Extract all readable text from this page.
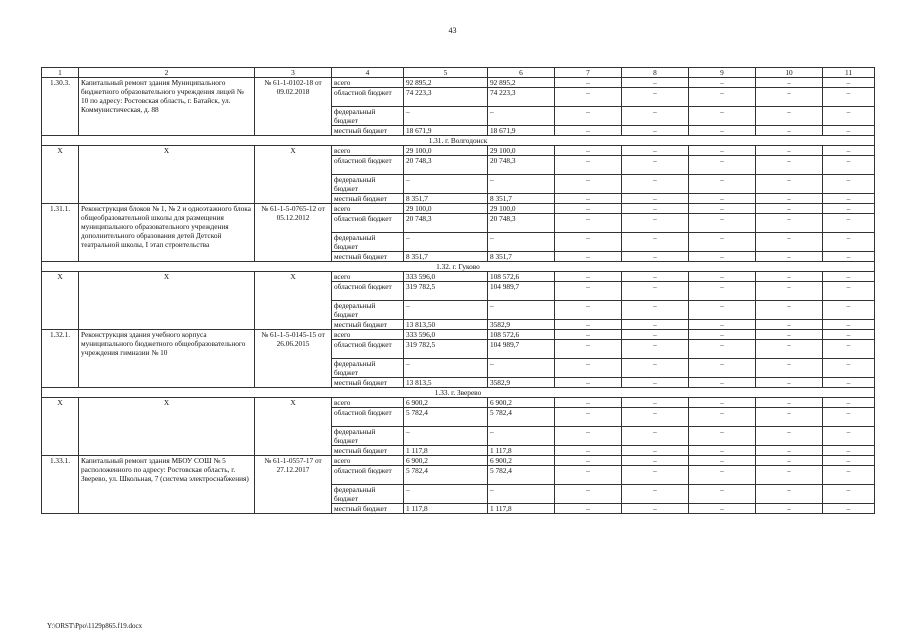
43
1	2	3	4	5	6	7	8	9	10	11
1.30.3.	Капитальный ремонт здания Муниципального бюджетного образовательного учреждения лицей № 10 по адресу: Ростовская область, г. Батайск, ул. Коммунистическая, д. 88	№ 61-1-0102-18 от 09.02.2018	всего	92 895,2	92 895,2	–	–	–	–	–
			областной бюджет	74 223,3	74 223,3	–	–	–	–	–
			федеральный бюджет	–	–	–	–	–	–	–
			местный бюджет	18 671,9	18 671,9	–	–	–	–	–
1.31. г. Волгодонск										
X	X	X	всего	29 100,0	29 100,0	–	–	–	–	–
			областной бюджет	20 748,3	20 748,3	–	–	–	–	–
			федеральный бюджет	–	–	–	–	–	–	–
			местный бюджет	8 351,7	8 351,7	–	–	–	–	–
1.31.1.	Реконструкция блоков № 1, № 2 и одноэтажного блока общеобразовательной школы для размещения муниципального образовательного учреждения дополнительного образования детей Детской театральной школы, I этап строительства	№ 61-1-5-0765-12 от 05.12.2012	всего	29 100,0	29 100,0	–	–	–	–	–
			областной бюджет	20 748,3	20 748,3	–	–	–	–	–
			федеральный бюджет	–	–	–	–	–	–	–
			местный бюджет	8 351,7	8 351,7	–	–	–	–	–
1.32. г. Гуково										
X	X	X	всего	333 596,0	108 572,6	–	–	–	–	–
			областной бюджет	319 782,5	104 989,7	–	–	–	–	–
			федеральный бюджет	–	–	–	–	–	–	–
			местный бюджет	13 813,50	3582,9	–	–	–	–	–
1.32.1.	Реконструкция здания учебного корпуса муниципального бюджетного общеобразовательного учреждения гимназии № 10	№ 61-1-5-0145-15 от 26.06.2015	всего	333 596,0	108 572,6	–	–	–	–	–
			областной бюджет	319 782,5	104 989,7	–	–	–	–	–
			федеральный бюджет	–	–	–	–	–	–	–
			местный бюджет	13 813,5	3582,9	–	–	–	–	–
1.33. г. Зверево										
X	X	X	всего	6 900,2	6 900,2	–	–	–	–	–
			областной бюджет	5 782,4	5 782,4	–	–	–	–	–
			федеральный бюджет	–	–	–	–	–	–	–
			местный бюджет	1 117,8	1 117,8	–	–	–	–	–
1.33.1.	Капитальный ремонт здания МБОУ СОШ № 5 расположенного по адресу: Ростовская область, г. Зверево, ул. Школьная, 7 (система электроснабжения)	№ 61-1-0557-17 от 27.12.2017	всего	6 900,2	6 900,2	–	–	–	–	–
			областной бюджет	5 782,4	5 782,4	–	–	–	–	–
			федеральный бюджет	–	–	–	–	–	–	–
			местный бюджет	1 117,8	1 117,8	–	–	–	–	–
Y:\ORST\Ppo\1129p865.f19.docx
